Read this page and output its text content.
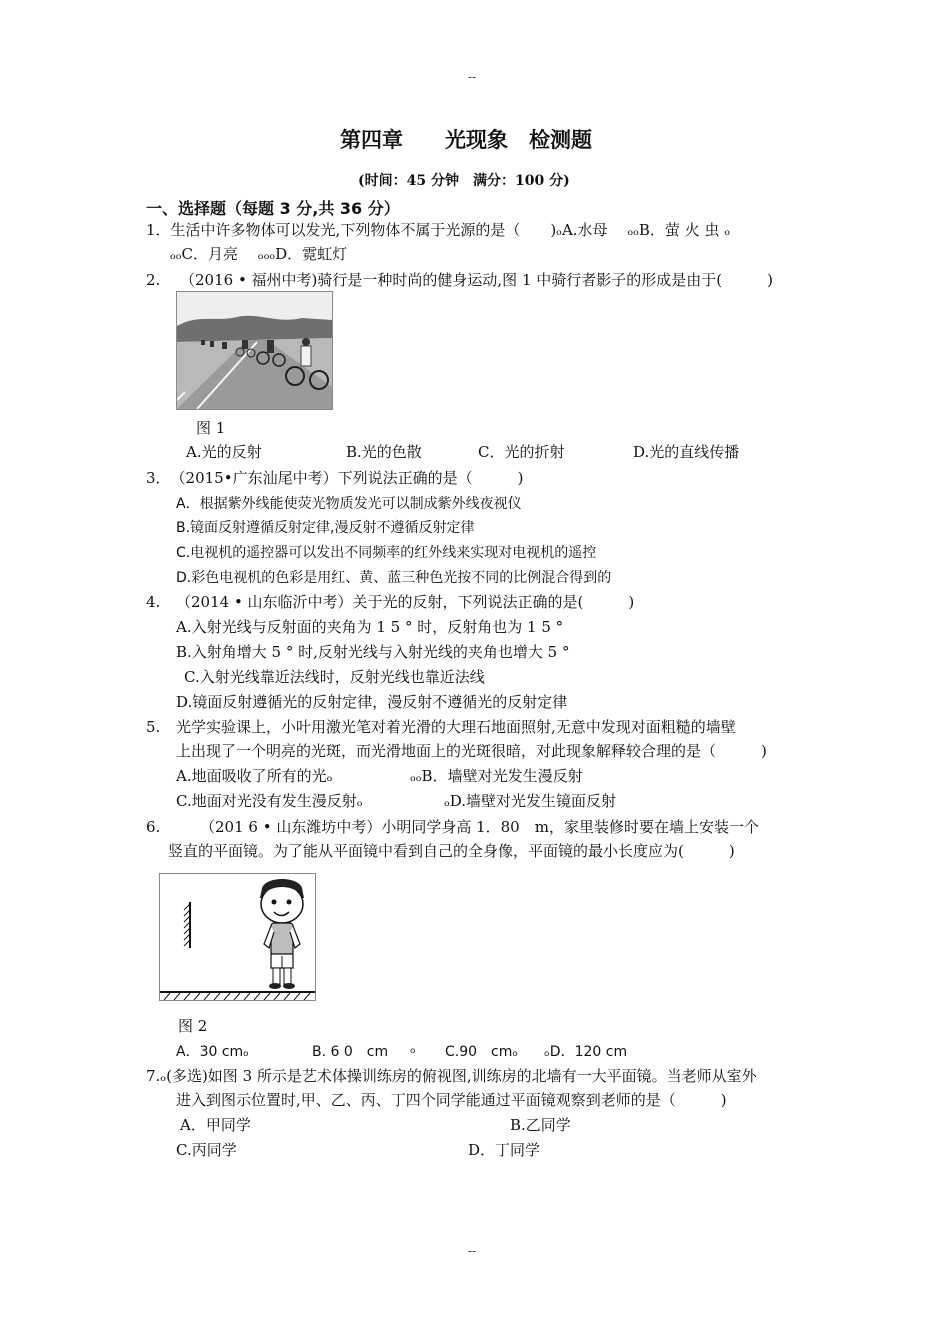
--
第四章　　光现象　检测题
(时间：45 分钟　满分：100 分)
一、选择题（每题 3 分,共 36 分）
1．生活中许多物体可以发光,下列物体不属于光源的是（　　)ₒA.水母　 ₒₒB．萤 火 虫 ₒ
ₒₒC．月亮　 ₒₒₒD．霓虹灯
2. （2016 • 福州中考)骑行是一种时尚的健身运动,图 1 中骑行者影子的形成是由于(　　　)
图 1
A.光的反射	B.光的色散	C．光的折射	D.光的直线传播
3．　（2015•广东汕尾中考）下列说法正确的是（　　　)
A．根据紫外线能使荧光物质发光可以制成紫外线夜视仪
B.镜面反射遵循反射定律,漫反射不遵循反射定律
C.电视机的遥控器可以发出不同频率的红外线来实现对电视机的遥控
D.彩色电视机的色彩是用红、黄、蓝三种色光按不同的比例混合得到的
4. （2014 • 山东临沂中考）关于光的反射，下列说法正确的是(　　　)
A.入射光线与反射面的夹角为 1 5 ° 时，反射角也为 1 5 °
B.入射角增大 5 ° 时,反射光线与入射光线的夹角也增大 5 °
C.入射光线靠近法线时，反射光线也靠近法线
D.镜面反射遵循光的反射定律，漫反射不遵循光的反射定律
5. 光学实验课上，小叶用激光笔对着光滑的大理石地面照射,无意中发现对面粗糙的墙壁
上出现了一个明亮的光斑，而光滑地面上的光斑很暗，对此现象解释较合理的是（　　　)
A.地面吸收了所有的光ₒ	ₒₒB．墙壁对光发生漫反射
C.地面对光没有发生漫反射ₒ	ₒD.墙壁对光发生镜面反射
6.	（201 6 • 山东潍坊中考）小明同学身高 1．80　m，家里装修时要在墙上安装一个
竖直的平面镜。为了能从平面镜中看到自己的全身像，平面镜的最小长度应为(　　　)
图 2
A．30 cmₒ	B. 6 0　cm ₒ C.90　cmₒ ₒD．120 cm
7.ₒ(多选)如图 3 所示是艺术体操训练房的俯视图,训练房的北墙有一大平面镜。当老师从室外
进入到图示位置时,甲、乙、丙、丁四个同学能通过平面镜观察到老师的是（　　　)
A．甲同学	B.乙同学
C.丙同学	D．丁同学
--
